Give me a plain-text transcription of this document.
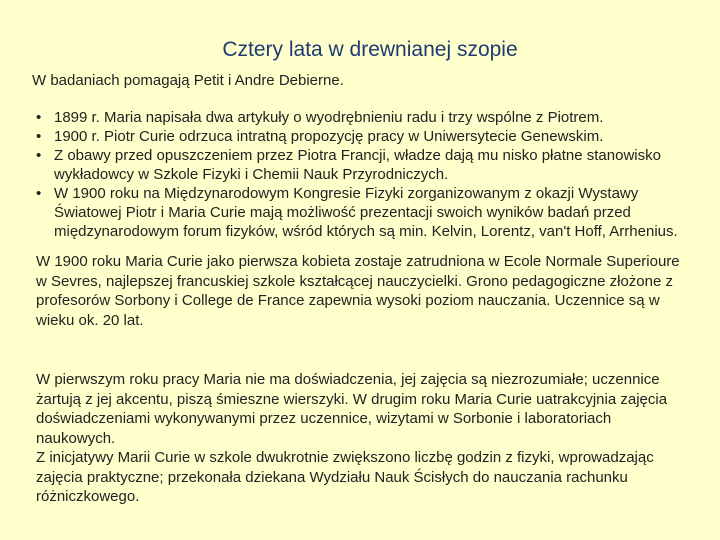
Cztery lata w drewnianej szopie
W badaniach pomagają Petit i Andre Debierne.
• 1899 r. Maria napisała dwa artykuły o wyodrębnieniu radu i trzy wspólne z Piotrem.
• 1900 r. Piotr Curie odrzuca intratną propozycję pracy w Uniwersytecie Genewskim.
• Z obawy przed opuszczeniem przez Piotra Francji, władze dają mu nisko płatne stanowisko wykładowcy w Szkole Fizyki i Chemii Nauk Przyrodniczych.
• W 1900 roku na Międzynarodowym Kongresie Fizyki zorganizowanym z okazji Wystawy Światowej Piotr i Maria Curie mają możliwość prezentacji swoich wyników badań przed międzynarodowym forum fizyków, wśród których są min. Kelvin, Lorentz, van't Hoff, Arrhenius.

W 1900 roku Maria Curie jako pierwsza kobieta zostaje zatrudniona w Ecole Normale Superioure w Sevres, najlepszej francuskiej szkole kształcącej nauczycielki. Grono pedagogiczne złożone z profesorów Sorbony i College de France zapewnia wysoki poziom nauczania. Uczennice są w wieku ok. 20 lat.

W pierwszym roku pracy Maria nie ma doświadczenia, jej zajęcia są niezrozumiałe; uczennice żartują z jej akcentu, piszą śmieszne wierszyki. W drugim roku Maria Curie uatrakcyjnia zajęcia doświadczeniami wykonywanymi przez uczennice, wizytami w Sorbonie i laboratoriach naukowych.
Z inicjatywy Marii Curie w szkole dwukrotnie zwiększono liczbę godzin z fizyki, wprowadzając zajęcia praktyczne; przekonała dziekana Wydziału Nauk Ścisłych do nauczania rachunku różniczkowego.
